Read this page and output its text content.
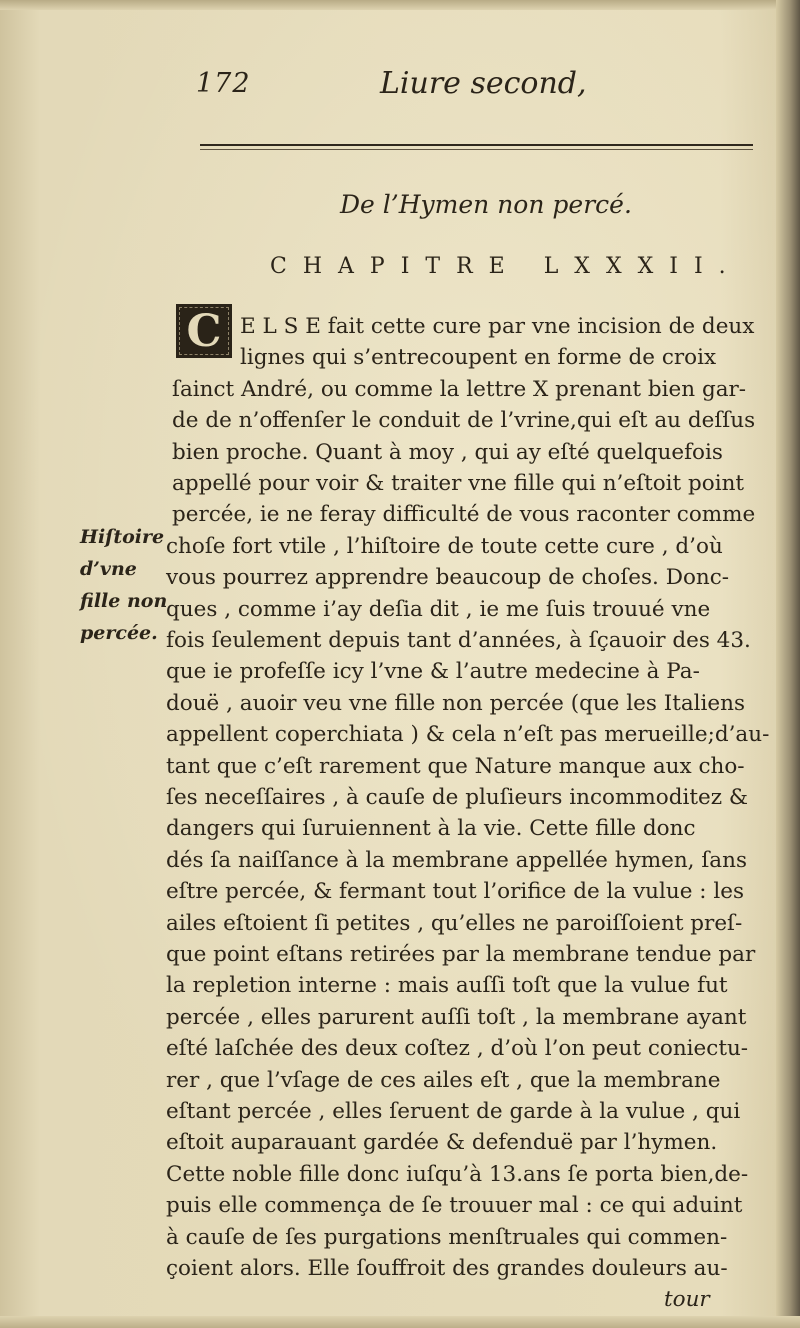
172	Liure second,
De l’Hymen non percé.
CHAPITRE LXXXII.
C E L S E fait cette cure par vne incision de deux
lignes qui s’entrecoupent en forme de croix
ſainct André, ou comme la lettre X prenant bien gar-
de de n’offenſer le conduit de l’vrine,qui eſt au deſſus
bien proche. Quant à moy , qui ay eſté quelquefois
appellé pour voir & traiter vne fille qui n’eſtoit point
percée, ie ne feray difficulté de vous raconter comme
choſe fort vtile , l’hiſtoire de toute cette cure , d’où
vous pourrez apprendre beaucoup de choſes. Donc-
ques , comme i’ay deſia dit , ie me ſuis trouué vne
fois ſeulement depuis tant d’années, à ſçauoir des 43.
que ie profeſſe icy l’vne & l’autre medecine à Pa-
douë , auoir veu vne fille non percée (que les Italiens
appellent coperchiata ) & cela n’eſt pas merueille;d’au-
tant que c’eſt rarement que Nature manque aux cho-
ſes neceſſaires , à cauſe de pluſieurs incommoditez &
dangers qui ſuruiennent à la vie. Cette fille donc
dés ſa naiſſance à la membrane appellée hymen, ſans
eſtre percée, & fermant tout l’orifice de la vulue : les
ailes eſtoient ſi petites , qu’elles ne paroiſſoient preſ-
que point eſtans retirées par la membrane tendue par
la repletion interne : mais auſſi toſt que la vulue fut
percée , elles parurent auſſi toſt , la membrane ayant
eſté laſchée des deux coſtez , d’où l’on peut coniectu-
rer , que l’vſage de ces ailes eſt , que la membrane
eſtant percée , elles ſeruent de garde à la vulue , qui
eſtoit auparauant gardée & defenduë par l’hymen.
Cette noble fille donc iuſqu’à 13.ans ſe porta bien,de-
puis elle commença de ſe trouuer mal : ce qui aduint
à cauſe de ſes purgations menſtruales qui commen-
çoient alors. Elle ſouffroit des grandes douleurs au-
Hiſtoire
d’vne
fille non
percée.
tour
